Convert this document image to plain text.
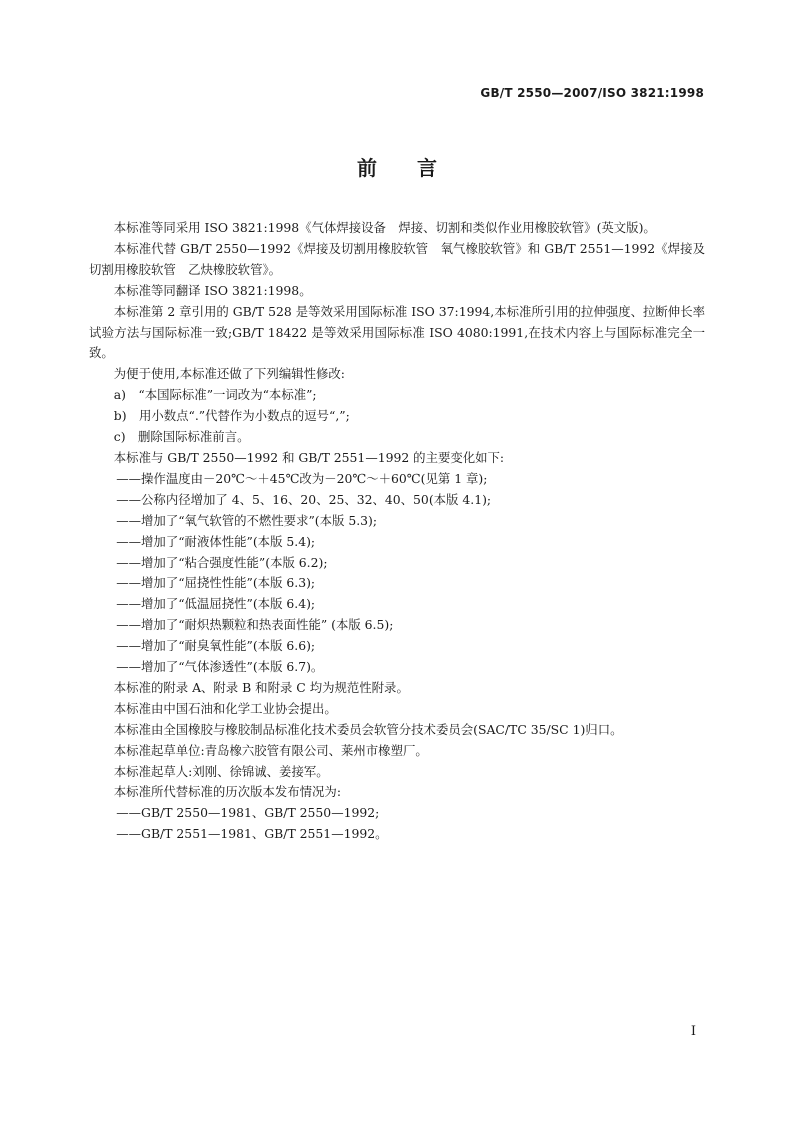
GB/T 2550—2007/ISO 3821:1998
前言

本标准等同采用 ISO 3821:1998《气体焊接设备　焊接、切割和类似作业用橡胶软管》(英文版)。

本标准代替 GB/T 2550—1992《焊接及切割用橡胶软管　氧气橡胶软管》和 GB/T 2551—1992《焊接及切割用橡胶软管　乙炔橡胶软管》。

本标准等同翻译 ISO 3821:1998。

本标准第 2 章引用的 GB/T 528 是等效采用国际标准 ISO 37:1994,本标准所引用的拉伸强度、拉断伸长率试验方法与国际标准一致;GB/T 18422 是等效采用国际标准 ISO 4080:1991,在技术内容上与国际标准完全一致。

为便于使用,本标准还做了下列编辑性修改:

a)　“本国际标准”一词改为“本标准”;

b)　用小数点“.”代替作为小数点的逗号“,”;

c)　删除国际标准前言。

本标准与 GB/T 2550—1992 和 GB/T 2551—1992 的主要变化如下:

——操作温度由－20℃～＋45℃改为－20℃～＋60℃(见第 1 章);

——公称内径增加了 4、5、16、20、25、32、40、50(本版 4.1);

——增加了“氧气软管的不燃性要求”(本版 5.3);

——增加了“耐液体性能”(本版 5.4);

——增加了“粘合强度性能”(本版 6.2);

——增加了“屈挠性性能”(本版 6.3);

——增加了“低温屈挠性”(本版 6.4);

——增加了“耐炽热颗粒和热表面性能” (本版 6.5);

——增加了“耐臭氧性能”(本版 6.6);

——增加了“气体渗透性”(本版 6.7)。

本标准的附录 A、附录 B 和附录 C 均为规范性附录。

本标准由中国石油和化学工业协会提出。

本标准由全国橡胶与橡胶制品标准化技术委员会软管分技术委员会(SAC/TC 35/SC 1)归口。

本标准起草单位:青岛橡六胶管有限公司、莱州市橡塑厂。

本标准起草人:刘刚、徐锦诚、姜接军。

本标准所代替标准的历次版本发布情况为:

——GB/T 2550—1981、GB/T 2550—1992;

——GB/T 2551—1981、GB/T 2551—1992。

I
